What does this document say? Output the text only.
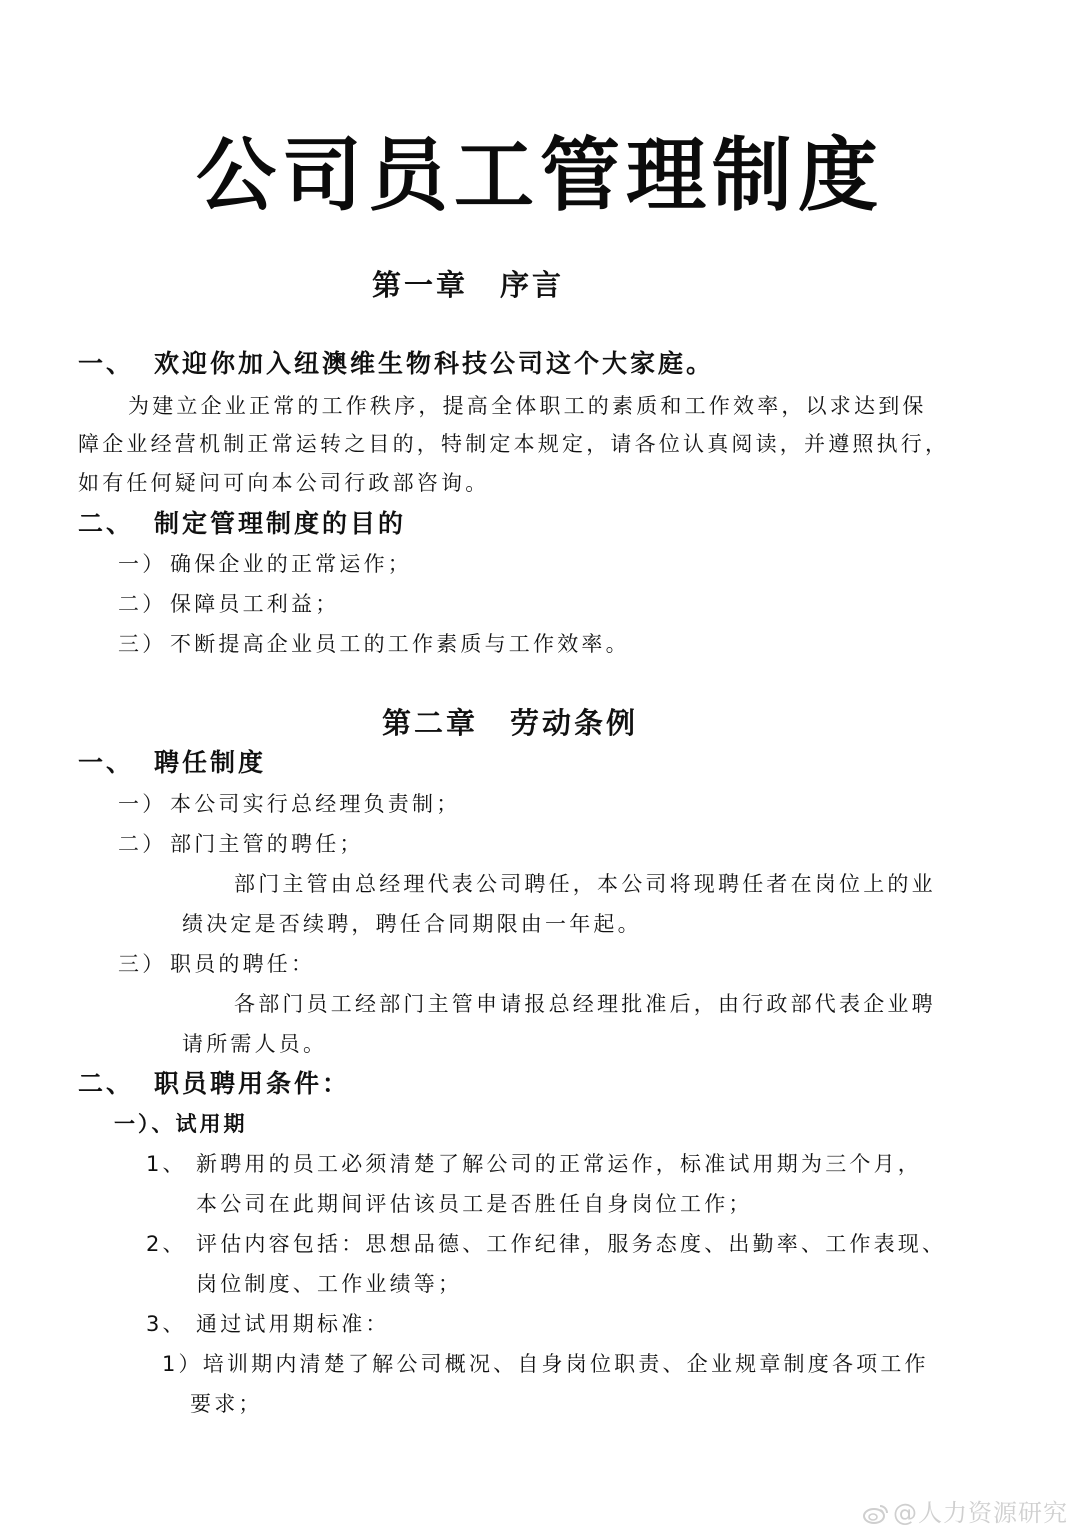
公司员工管理制度
第一章　序言
一、 欢迎你加入纽澳维生物科技公司这个大家庭。
为建立企业正常的工作秩序，提高全体职工的素质和工作效率，以求达到保
障企业经营机制正常运转之目的，特制定本规定，请各位认真阅读，并遵照执行，
如有任何疑问可向本公司行政部咨询。
二、 制定管理制度的目的
一） 确保企业的正常运作；
二） 保障员工利益；
三） 不断提高企业员工的工作素质与工作效率。
第二章　劳动条例
一、 聘任制度
一） 本公司实行总经理负责制；
二） 部门主管的聘任；
部门主管由总经理代表公司聘任，本公司将现聘任者在岗位上的业
绩决定是否续聘，聘任合同期限由一年起。
三） 职员的聘任：
各部门员工经部门主管申请报总经理批准后，由行政部代表企业聘
请所需人员。
二、 职员聘用条件：
一）、试用期
1、 新聘用的员工必须清楚了解公司的正常运作，标准试用期为三个月，
本公司在此期间评估该员工是否胜任自身岗位工作；
2、 评估内容包括：思想品德、工作纪律，服务态度、出勤率、工作表现、
岗位制度、工作业绩等；
3、 通过试用期标准：
1）培训期内清楚了解公司概况、自身岗位职责、企业规章制度各项工作
要求；
@人力资源研究
